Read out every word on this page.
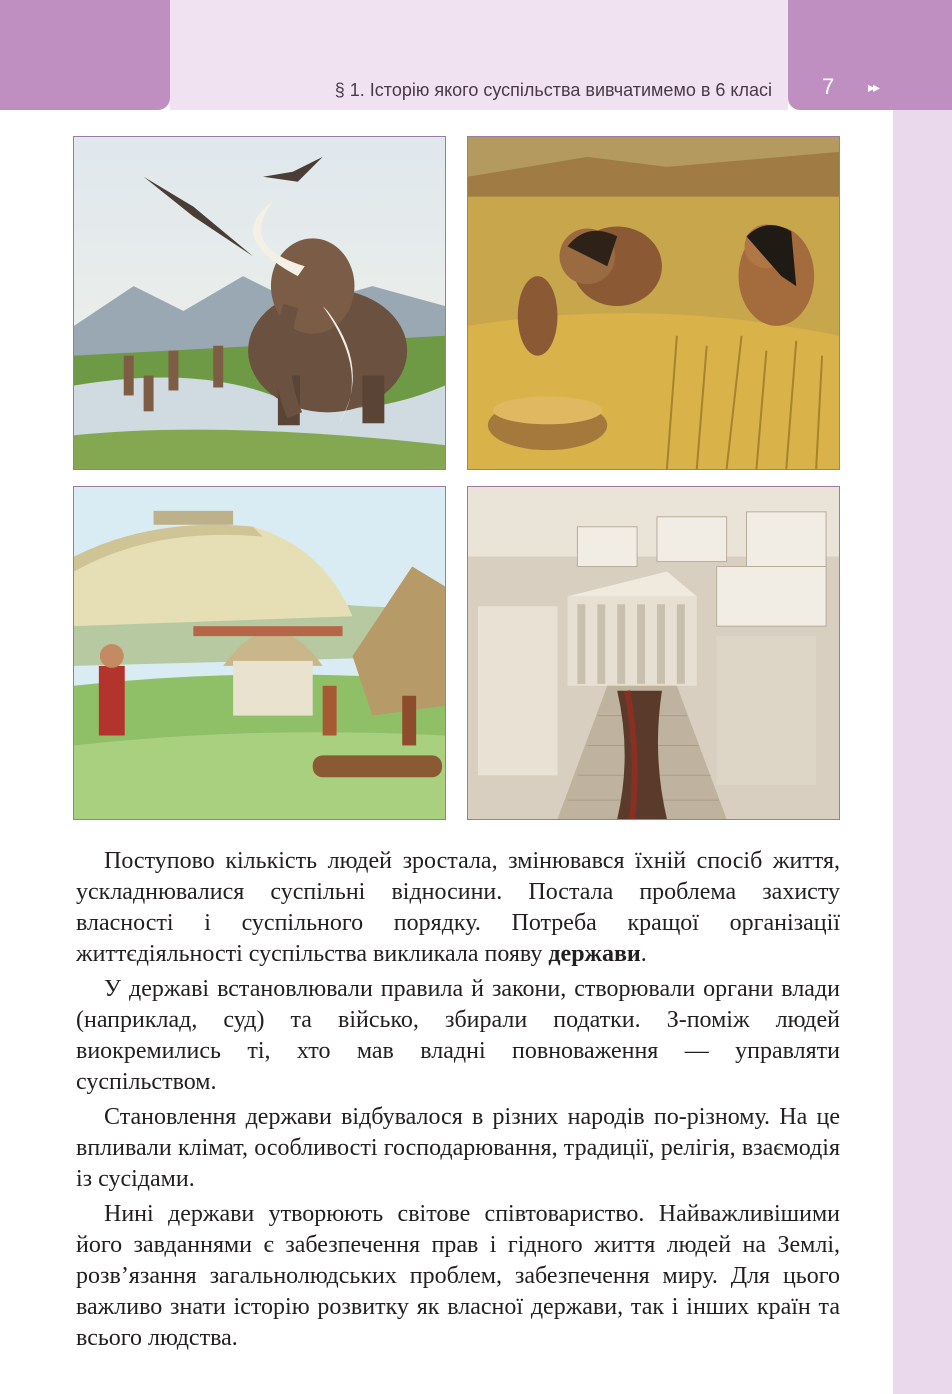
§ 1. Історію якого суспільства вивчатимемо в 6 класі 7 ▸▸

Поступово кількість людей зростала, змінювався їхній спосіб життя, ускладнювалися суспільні відносини. Постала проблема захисту власності і суспільного порядку. Потреба кращої організації життєдіяльності суспільства викликала появу держави.

У державі встановлювали правила й закони, створювали органи влади (наприклад, суд) та військо, збирали податки. З-поміж людей виокремились ті, хто мав владні повноваження — управляти суспільством.

Становлення держави відбувалося в різних народів по-різному. На це впливали клімат, особливості господарювання, традиції, релігія, взаємодія із сусідами.

Нині держави утворюють світове співтовариство. Найважливішими його завданнями є забезпечення прав і гідного життя людей на Землі, розв’язання загальнолюдських проблем, забезпечення миру. Для цього важливо знати історію розвитку як власної держави, так і інших країн та всього людства.
